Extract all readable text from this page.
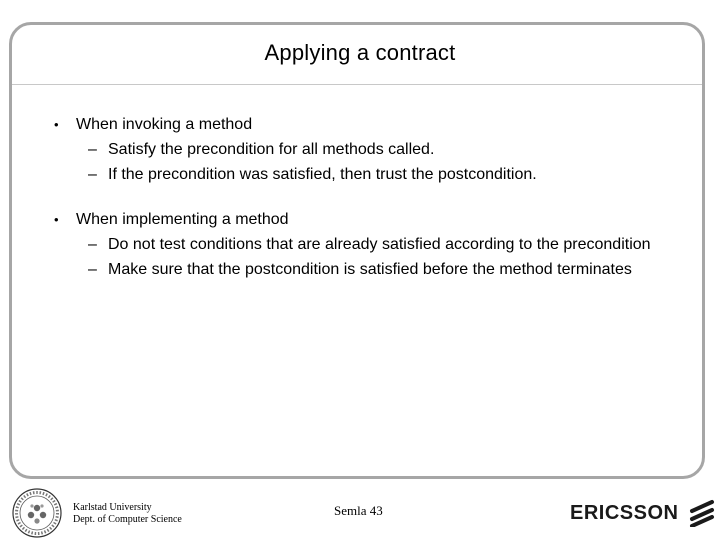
Applying a contract
• When invoking a method
– Satisfy the precondition for all methods called.
– If the precondition was satisfied, then trust the postcondition.
• When implementing a method
– Do not test conditions that are already satisfied according to the precondition
– Make sure that the postcondition is satisfied before the method terminates
Karlstad University
Dept. of Computer Science
Semla 43	ERICSSON
